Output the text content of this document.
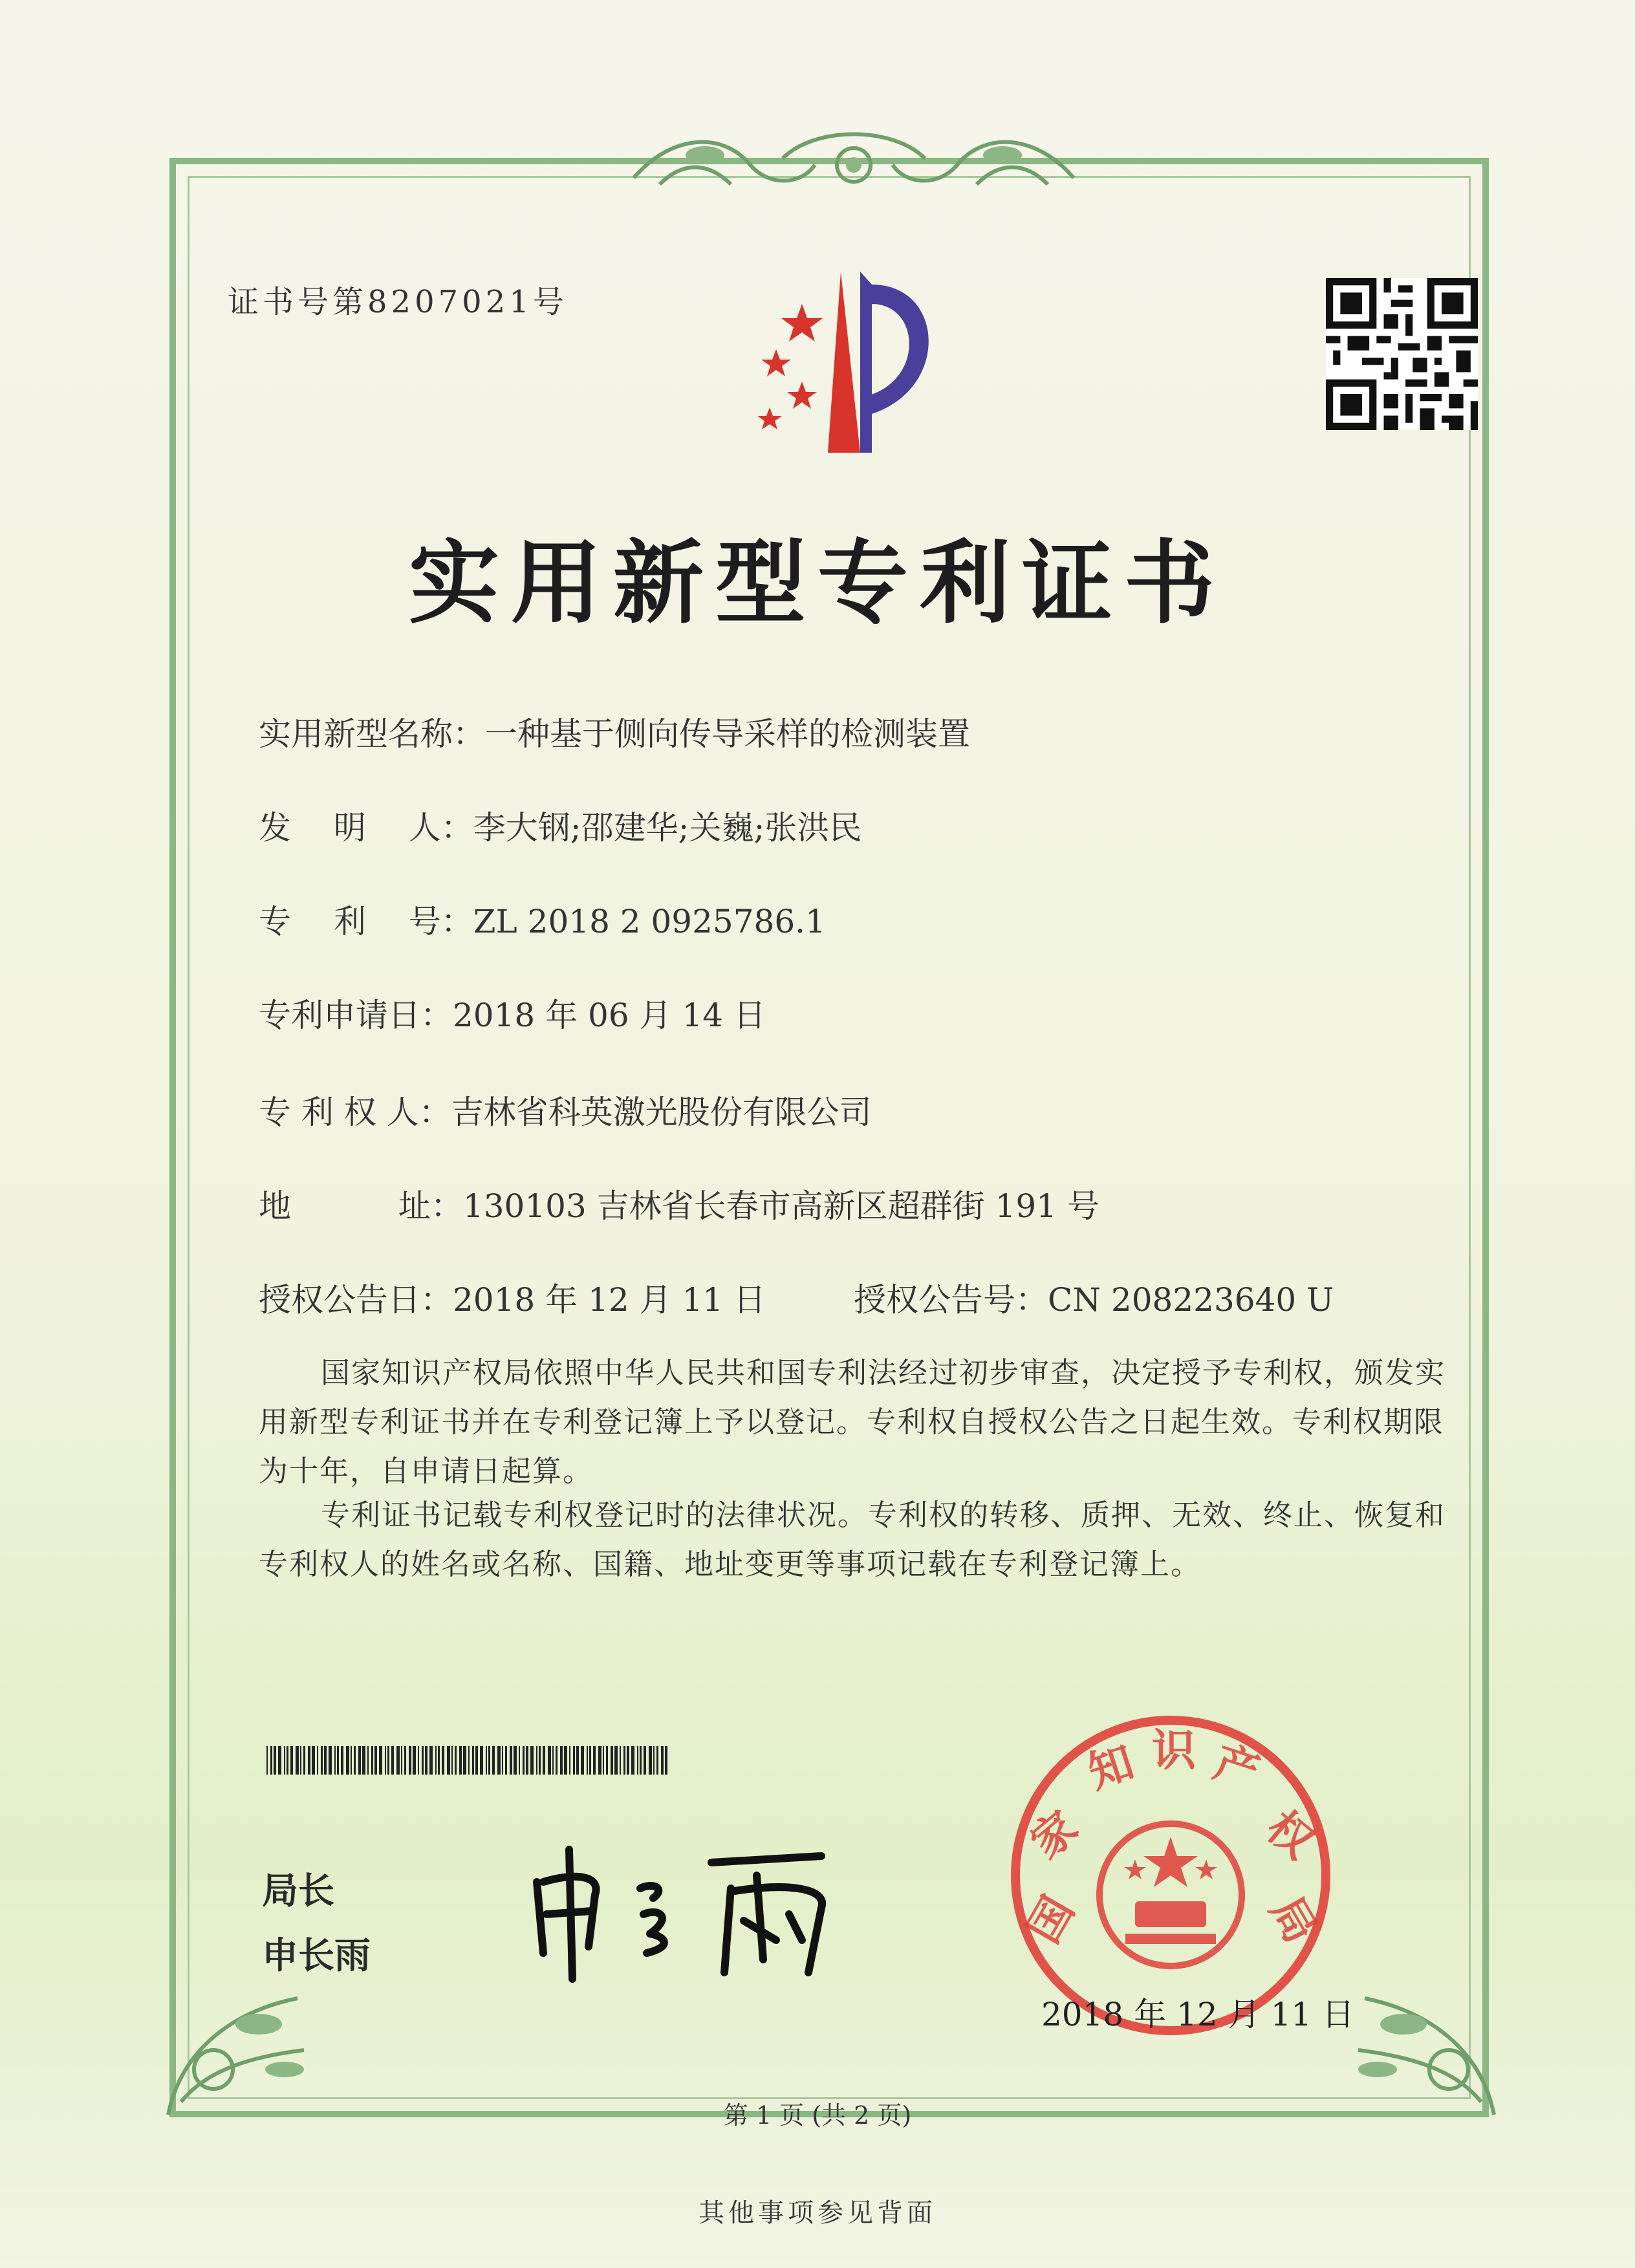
证书号第8207021号
实用新型专利证书
实用新型名称：一种基于侧向传导采样的检测装置
发　 明　 人：李大钢;邵建华;关巍;张洪民
专　 利　 号：ZL 2018 2 0925786.1
专利申请日：2018 年 06 月 14 日
专 利 权 人：吉林省科英激光股份有限公司
地　　　 址：130103 吉林省长春市高新区超群街 191 号
授权公告日：2018 年 12 月 11 日	授权公告号：CN 208223640 U
国家知识产权局依照中华人民共和国专利法经过初步审查，决定授予专利权，颁发实用新型专利证书并在专利登记簿上予以登记。专利权自授权公告之日起生效。专利权期限为十年，自申请日起算。
专利证书记载专利权登记时的法律状况。专利权的转移、质押、无效、终止、恢复和专利权人的姓名或名称、国籍、地址变更等事项记载在专利登记簿上。
局长
申长雨
国
家
知 识 产
权
局
2018 年 12 月 11 日
第 1 页 (共 2 页)
其他事项参见背面
